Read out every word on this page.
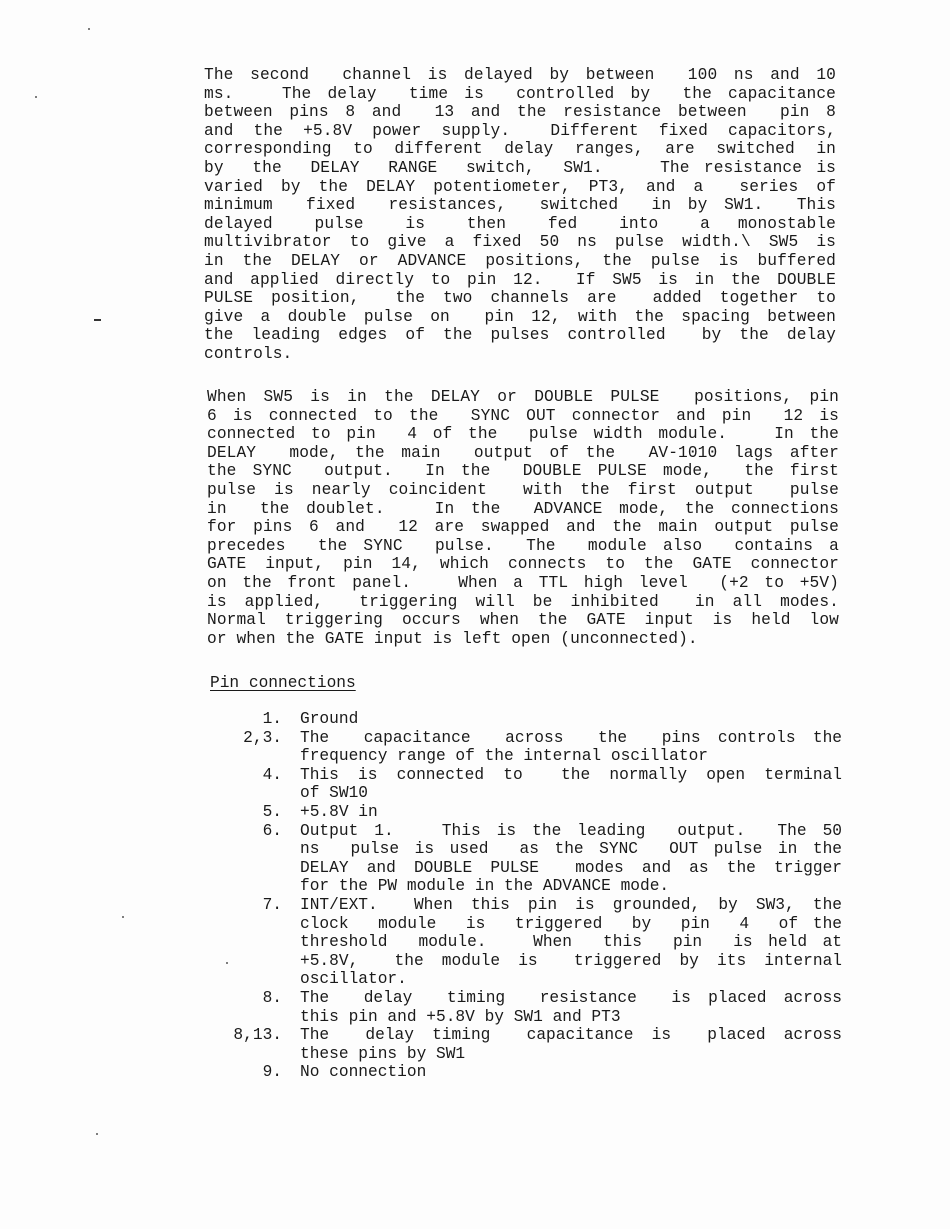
The second  channel is delayed by between  100 ns and 10
ms.   The delay  time is  controlled by  the capacitance
between pins 8 and  13 and the resistance between  pin 8
and the +5.8V power supply.  Different fixed capacitors,
corresponding to different delay ranges, are switched in
by  the  DELAY  RANGE  switch,  SW1.    The resistance is
varied by the DELAY potentiometer, PT3, and a  series of
minimum  fixed  resistances,  switched  in by SW1.  This
delayed   pulse   is   then   fed   into   a  monostable
multivibrator to give a fixed 50 ns pulse width.\ SW5 is
in the DELAY or ADVANCE positions, the pulse is buffered
and applied directly to pin 12.  If SW5 is in the DOUBLE
PULSE position,  the two channels are  added together to
give a double pulse on  pin 12, with the spacing between
the leading edges of the pulses controlled  by the delay
controls.
When SW5 is in the DELAY or DOUBLE PULSE  positions, pin
6 is connected to the  SYNC OUT connector and pin  12 is
connected to pin  4 of the  pulse width module.   In the
DELAY  mode, the main  output of the  AV-1010 lags after
the SYNC  output.  In the  DOUBLE PULSE mode,  the first
pulse is nearly coincident  with the first output  pulse
in  the doublet.   In the  ADVANCE mode, the connections
for pins 6 and  12 are swapped and the main output pulse
precedes  the SYNC  pulse.  The  module also  contains a
GATE input, pin 14, which connects to the GATE connector
on the front panel.   When a TTL high level  (+2 to +5V)
is applied,  triggering will be inhibited  in all modes.
Normal triggering occurs when the GATE input is held low
or when the GATE input is left open (unconnected).
Pin connections
1. Ground
2,3. The  capacitance  across  the  pins controls the
frequency range of the internal oscillator
4. This is connected to  the normally open terminal
of SW10
5. +5.8V in
6. Output 1.   This is the leading  output.  The 50
ns  pulse is used  as the SYNC  OUT pulse in the
DELAY and DOUBLE PULSE  modes and as the trigger
for the PW module in the ADVANCE mode.
7. INT/EXT.  When this pin is grounded, by SW3, the
clock  module  is  triggered  by  pin  4  of the
threshold  module.   When  this  pin  is held at
+5.8V,  the module is  triggered by its internal
oscillator.
8. The  delay  timing  resistance  is placed across
this pin and +5.8V by SW1 and PT3
8,13. The  delay timing  capacitance is  placed across
these pins by SW1
9. No connection
